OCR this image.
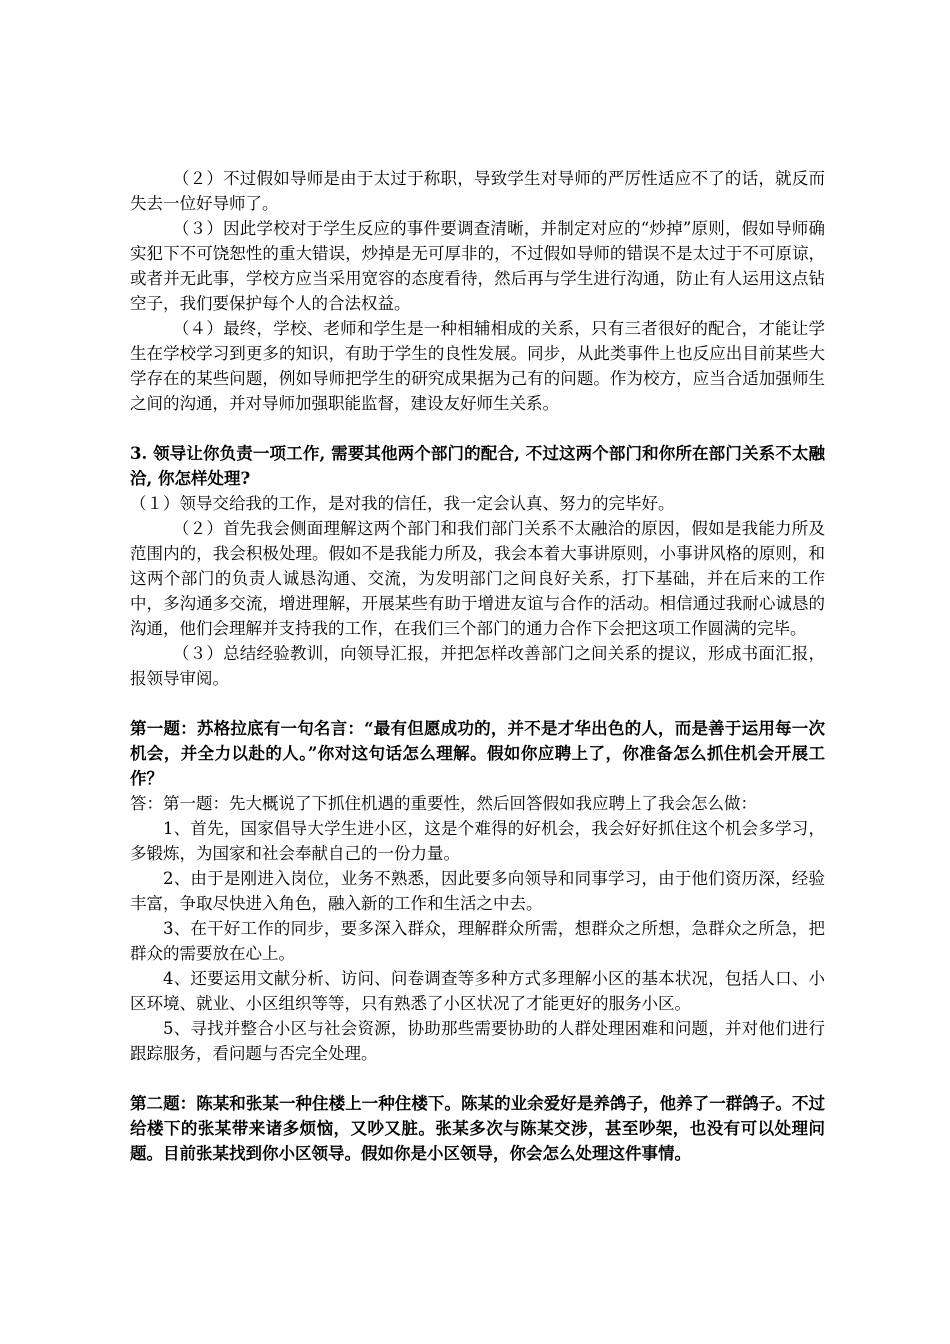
（２）不过假如导师是由于太过于称职，导致学生对导师的严厉性适应不了的话，就反而失去一位好导师了。

（３）因此学校对于学生反应的事件要调查清晰，并制定对应的“炒掉”原则，假如导师确实犯下不可饶恕性的重大错误，炒掉是无可厚非的，不过假如导师的错误不是太过于不可原谅，或者并无此事，学校方应当采用宽容的态度看待，然后再与学生进行沟通，防止有人运用这点钻空子，我们要保护每个人的合法权益。

（４）最终，学校、老师和学生是一种相辅相成的关系，只有三者很好的配合，才能让学生在学校学习到更多的知识，有助于学生的良性发展。同步，从此类事件上也反应出目前某些大学存在的某些问题，例如导师把学生的研究成果据为己有的问题。作为校方，应当合适加强师生之间的沟通，并对导师加强职能监督，建设友好师生关系。

3. 领导让你负责一项工作, 需要其他两个部门的配合, 不过这两个部门和你所在部门关系不太融洽, 你怎样处理?

（１）领导交给我的工作，是对我的信任，我一定会认真、努力的完毕好。

（２）首先我会侧面理解这两个部门和我们部门关系不太融洽的原因，假如是我能力所及范围内的，我会积极处理。假如不是我能力所及，我会本着大事讲原则，小事讲风格的原则，和这两个部门的负责人诚恳沟通、交流，为发明部门之间良好关系，打下基础，并在后来的工作中，多沟通多交流，增进理解，开展某些有助于增进友谊与合作的活动。相信通过我耐心诚恳的沟通，他们会理解并支持我的工作，在我们三个部门的通力合作下会把这项工作圆满的完毕。

（３）总结经验教训，向领导汇报，并把怎样改善部门之间关系的提议，形成书面汇报，报领导审阅。

第一题：苏格拉底有一句名言：“最有但愿成功的，并不是才华出色的人，而是善于运用每一次机会，并全力以赴的人。”你对这句话怎么理解。假如你应聘上了，你准备怎么抓住机会开展工作？

答：第一题：先大概说了下抓住机遇的重要性，然后回答假如我应聘上了我会怎么做：

1、首先，国家倡导大学生进小区，这是个难得的好机会，我会好好抓住这个机会多学习，多锻炼，为国家和社会奉献自己的一份力量。

2、由于是刚进入岗位，业务不熟悉，因此要多向领导和同事学习，由于他们资历深，经验丰富，争取尽快进入角色，融入新的工作和生活之中去。

3、在干好工作的同步，要多深入群众，理解群众所需，想群众之所想，急群众之所急，把群众的需要放在心上。

4、还要运用文献分析、访问、问卷调查等多种方式多理解小区的基本状况，包括人口、小区环境、就业、小区组织等等，只有熟悉了小区状况了才能更好的服务小区。

5、寻找并整合小区与社会资源，协助那些需要协助的人群处理困难和问题，并对他们进行跟踪服务，看问题与否完全处理。

第二题：陈某和张某一种住楼上一种住楼下。陈某的业余爱好是养鸽子，他养了一群鸽子。不过给楼下的张某带来诸多烦恼，又吵又脏。张某多次与陈某交涉，甚至吵架，也没有可以处理问题。目前张某找到你小区领导。假如你是小区领导，你会怎么处理这件事情。
